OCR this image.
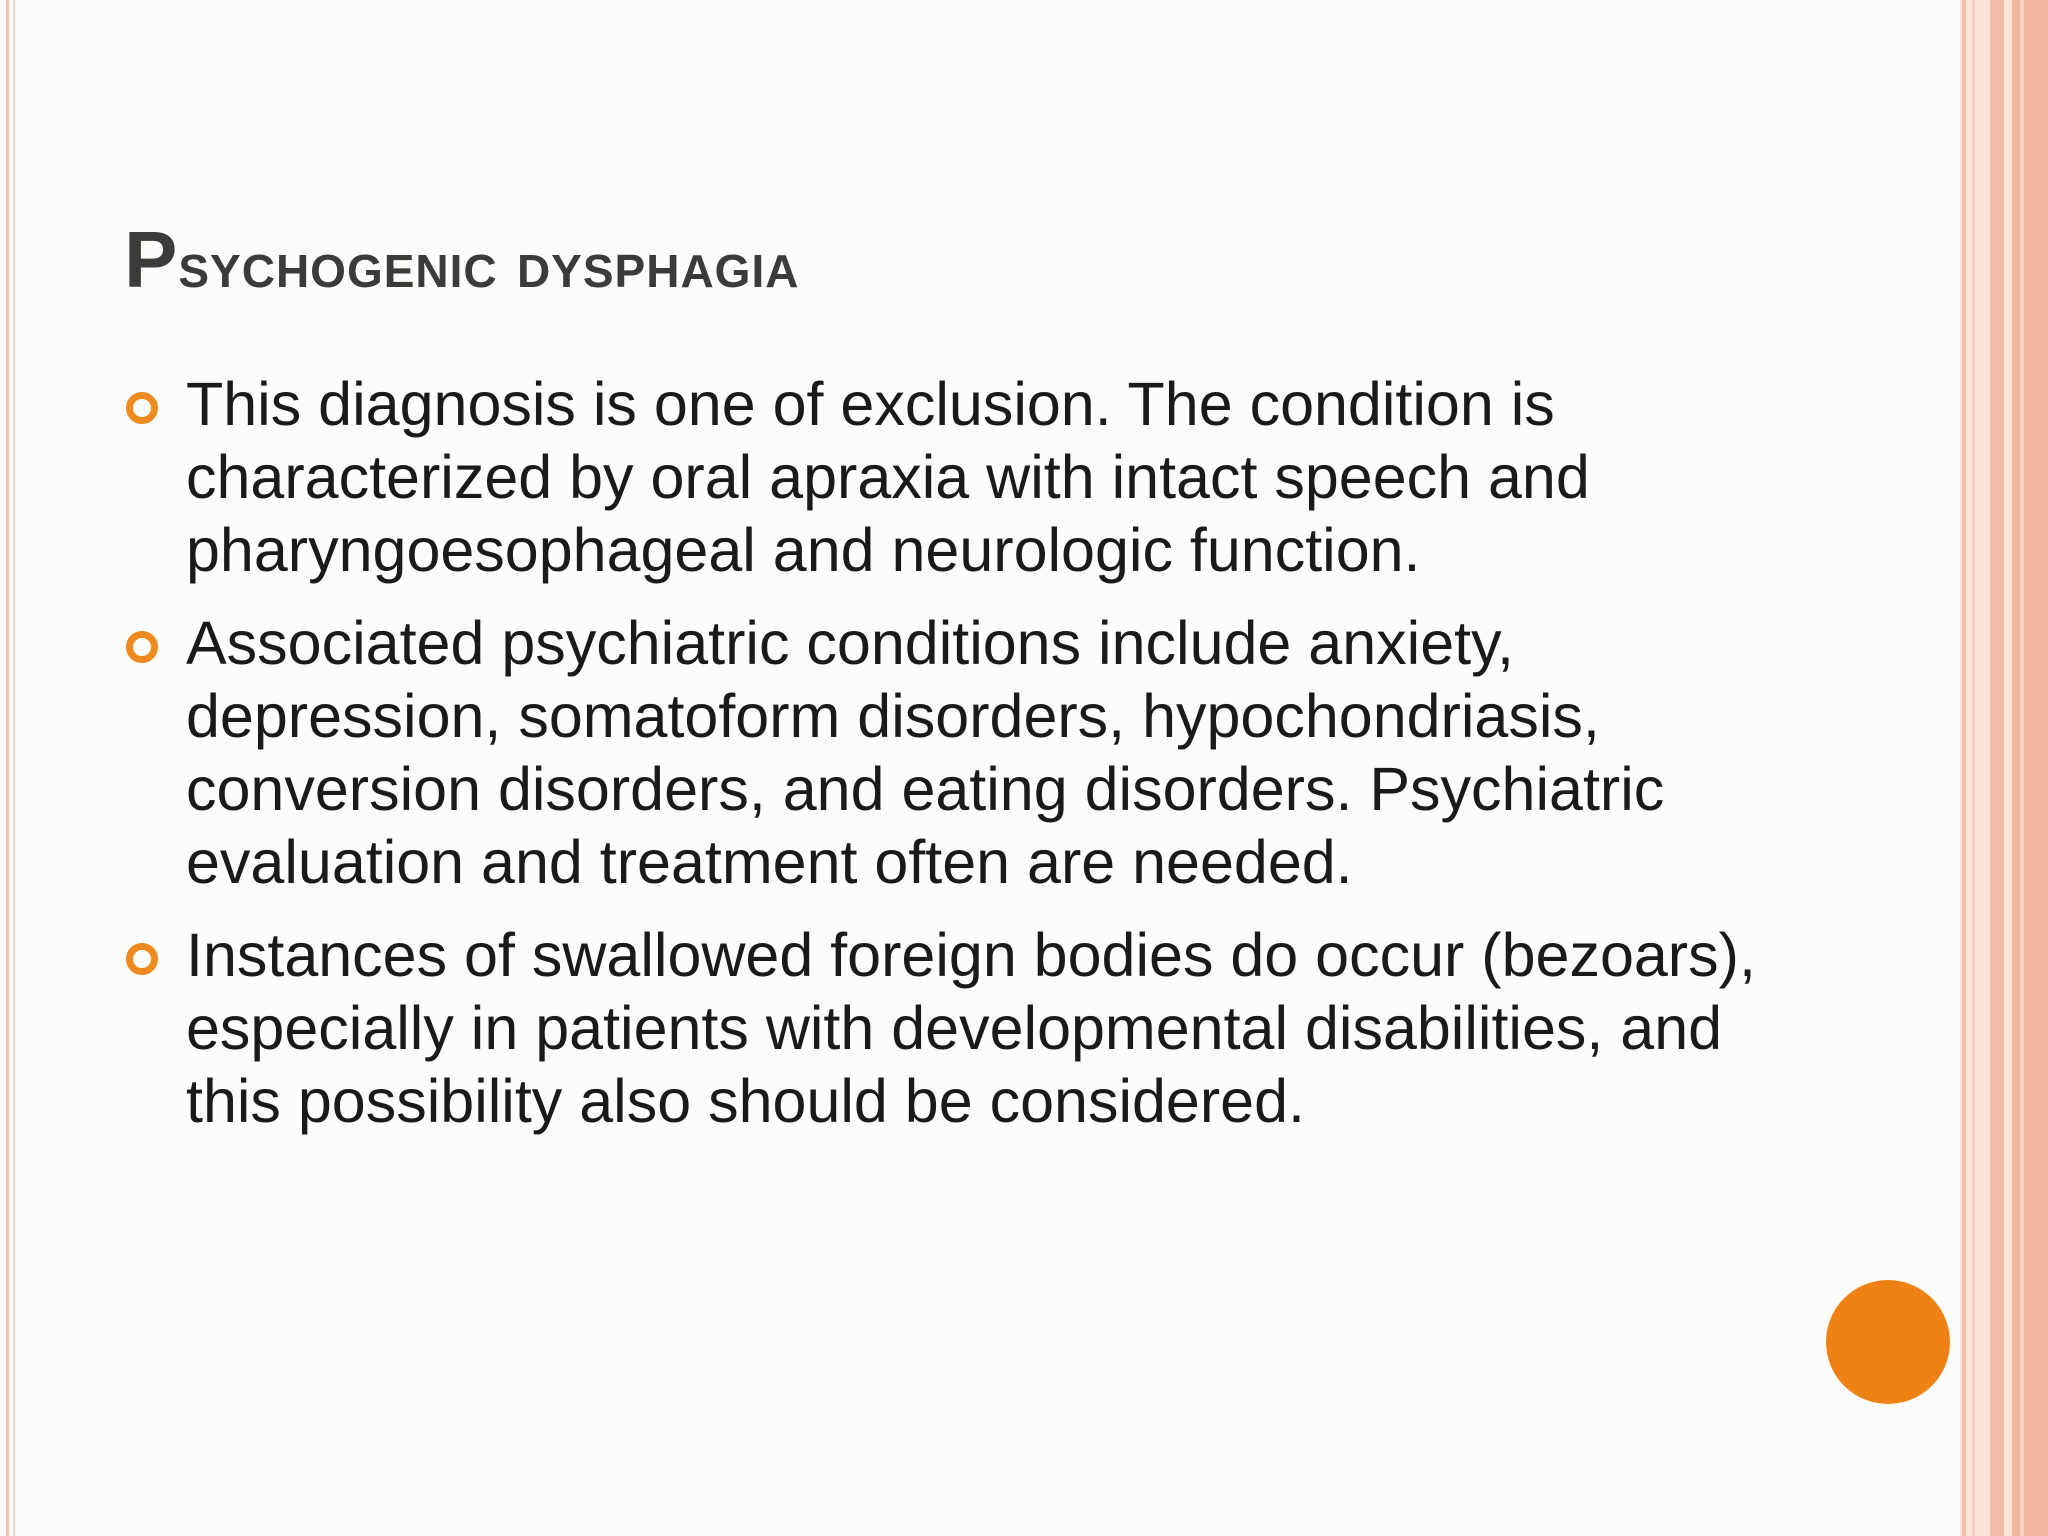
Psychogenic dysphagia
This diagnosis is one of exclusion. The condition is characterized by oral apraxia with intact speech and pharyngoesophageal and neurologic function.
Associated psychiatric conditions include anxiety, depression, somatoform disorders, hypochondriasis, conversion disorders, and eating disorders. Psychiatric evaluation and treatment often are needed.
Instances of swallowed foreign bodies do occur (bezoars), especially in patients with developmental disabilities, and this possibility also should be considered.
